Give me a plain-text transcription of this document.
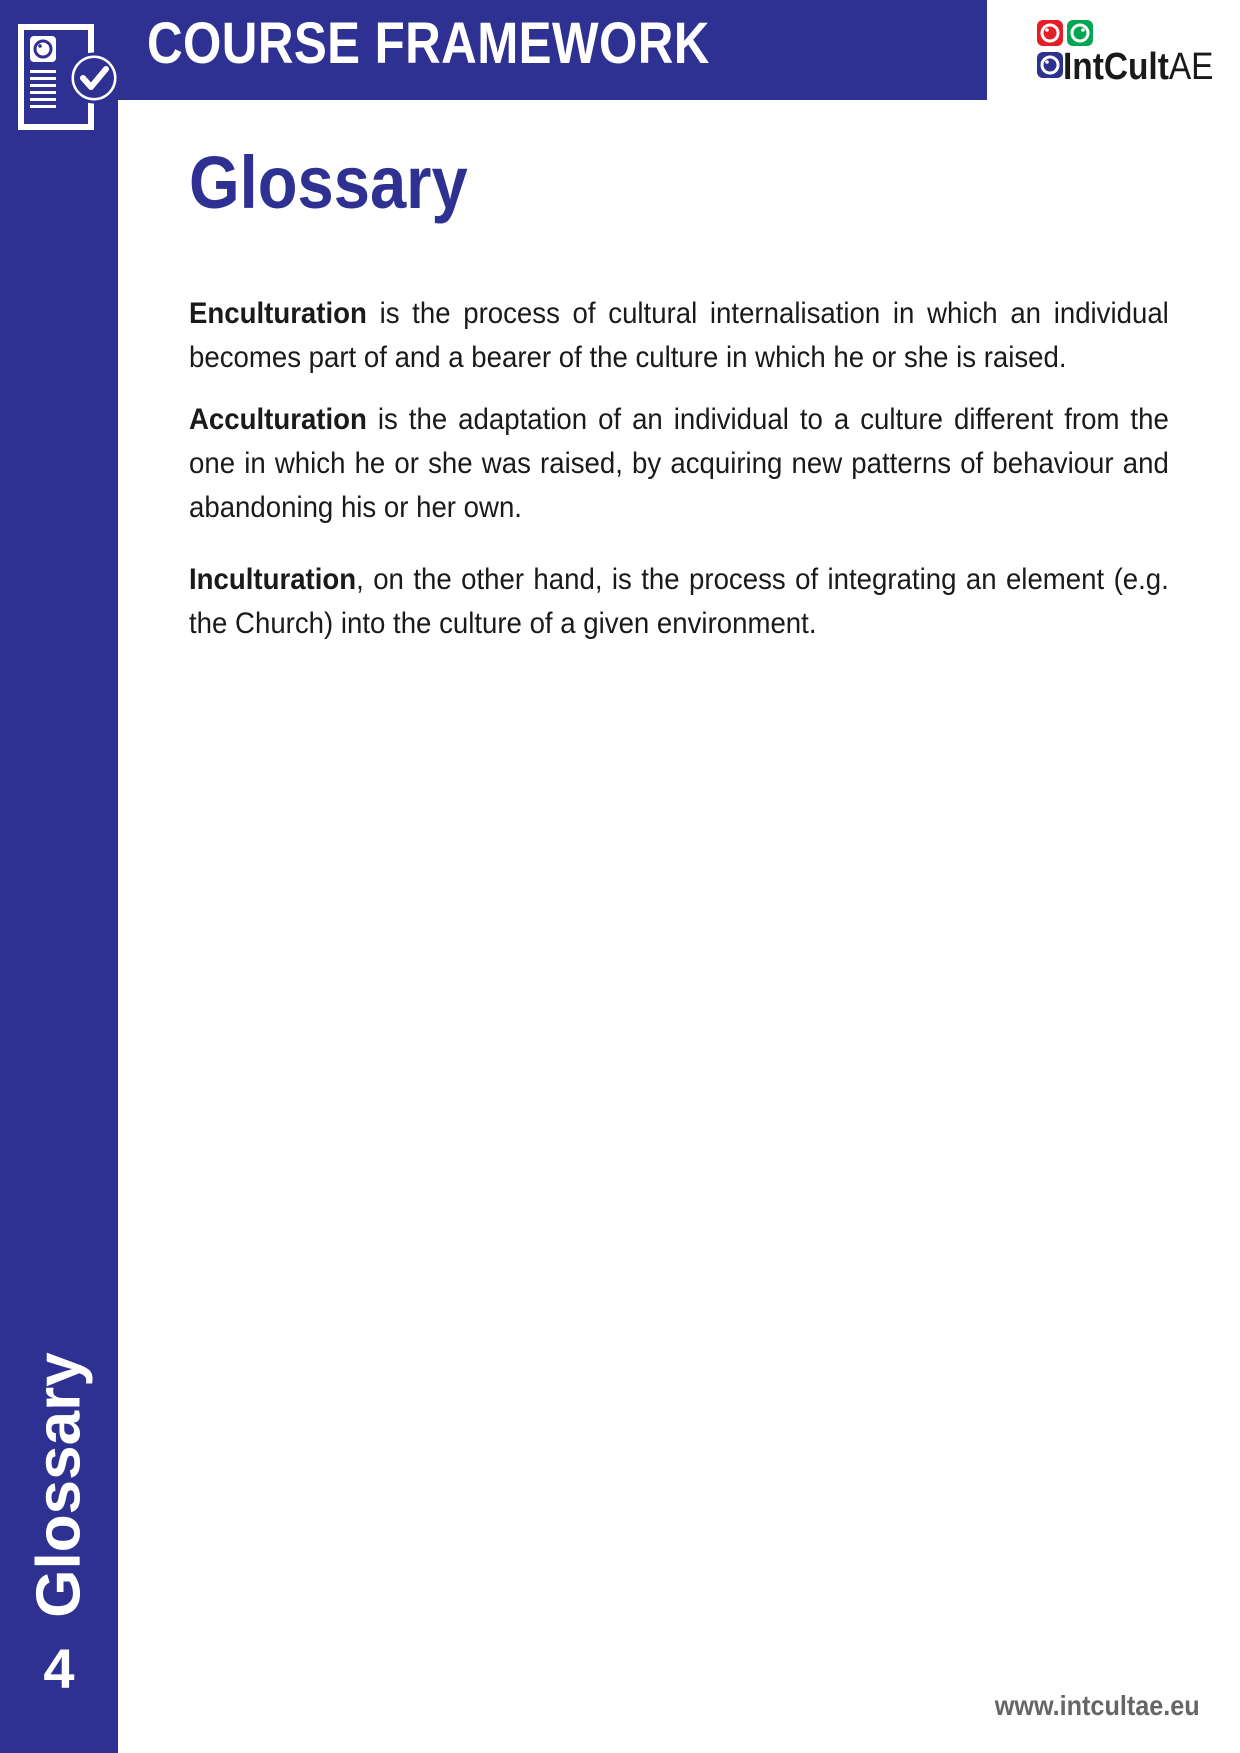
COURSE FRAMEWORK	IntCultAE
Glossary

Enculturation is the process of cultural internalisation in which an individual becomes part of and a bearer of the culture in which he or she is raised.

Acculturation is the adaptation of an individual to a culture different from the one in which he or she was raised, by acquiring new patterns of behaviour and abandoning his or her own.

Inculturation, on the other hand, is the process of integrating an element (e.g. the Church) into the culture of a given environment.

Glossary
4
www.intcultae.eu
